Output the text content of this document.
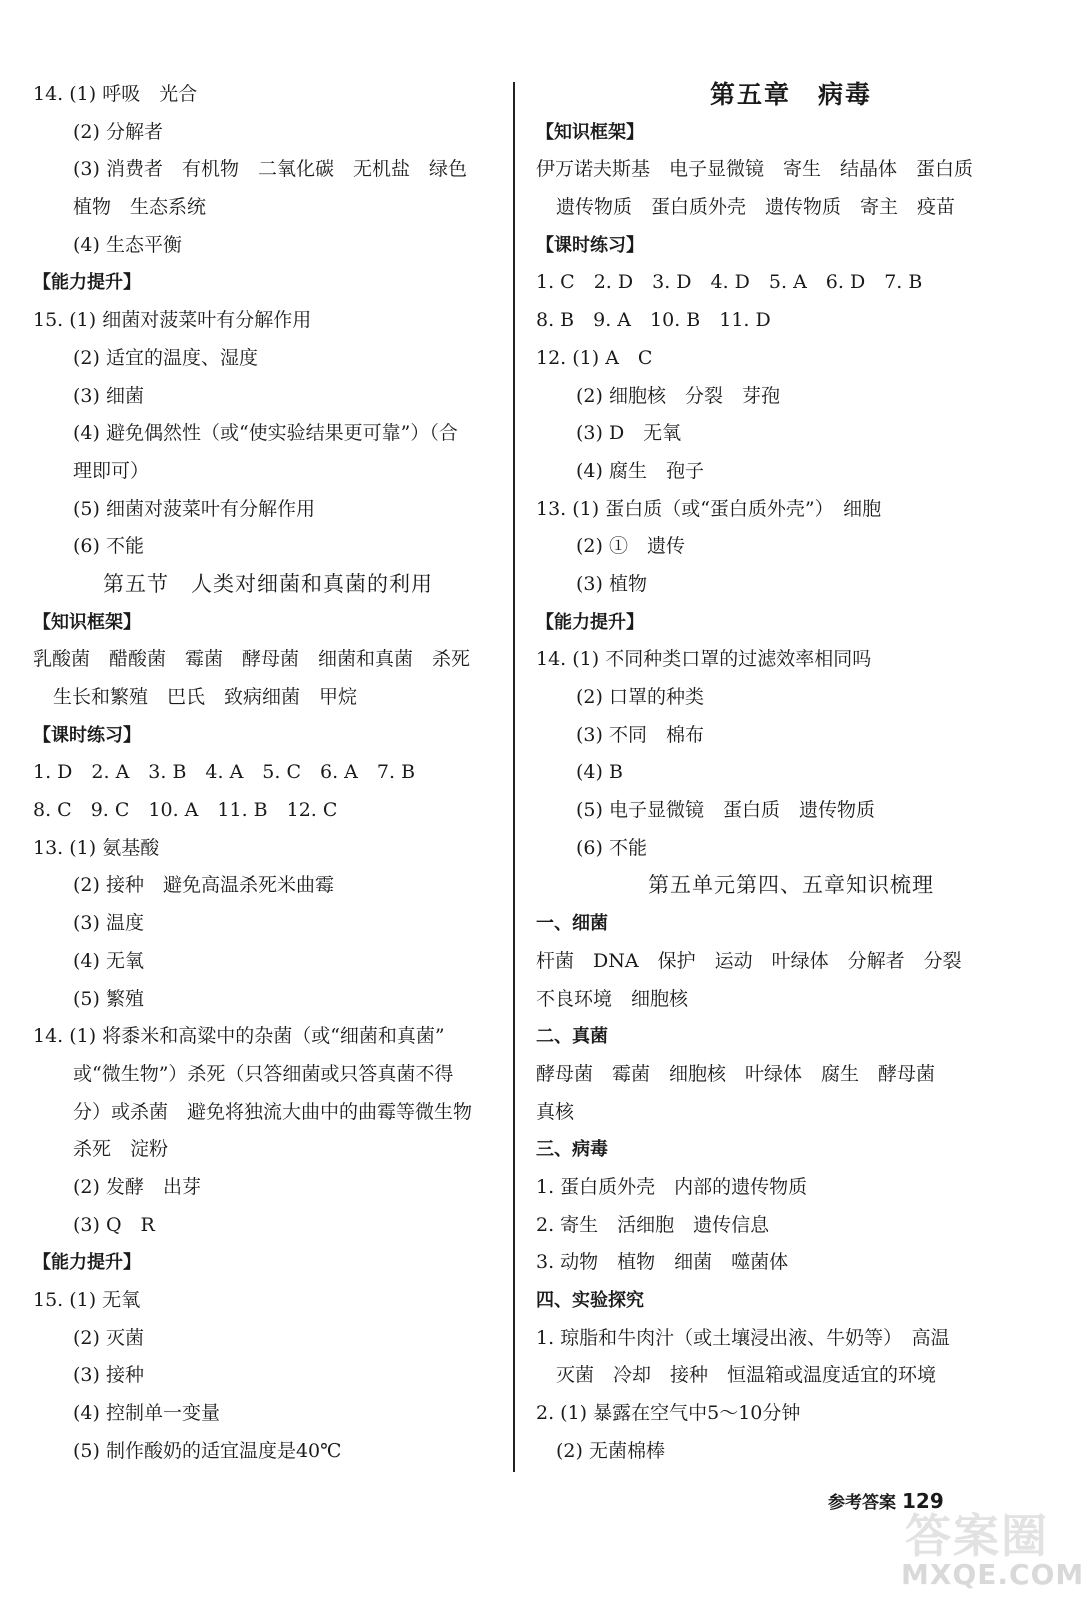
14. (1) 呼吸　光合
(2) 分解者
(3) 消费者　有机物　二氧化碳　无机盐　绿色
植物　生态系统
(4) 生态平衡
【能力提升】
15. (1) 细菌对菠菜叶有分解作用
(2) 适宜的温度、湿度
(3) 细菌
(4) 避免偶然性（或“使实验结果更可靠”）（合
理即可）
(5) 细菌对菠菜叶有分解作用
(6) 不能
第五节　人类对细菌和真菌的利用
【知识框架】
乳酸菌　醋酸菌　霉菌　酵母菌　细菌和真菌　杀死
生长和繁殖　巴氏　致病细菌　甲烷
【课时练习】
1. D　2. A　3. B　4. A　5. C　6. A　7. B
8. C　9. C　10. A　11. B　12. C
13. (1) 氨基酸
(2) 接种　避免高温杀死米曲霉
(3) 温度
(4) 无氧
(5) 繁殖
14. (1) 将黍米和高粱中的杂菌（或“细菌和真菌”
或“微生物”）杀死（只答细菌或只答真菌不得
分）或杀菌　避免将独流大曲中的曲霉等微生物
杀死　淀粉
(2) 发酵　出芽
(3) Q　R
【能力提升】
15. (1) 无氧
(2) 灭菌
(3) 接种
(4) 控制单一变量
(5) 制作酸奶的适宜温度是40℃
第五章　病毒
【知识框架】
伊万诺夫斯基　电子显微镜　寄生　结晶体　蛋白质
遗传物质　蛋白质外壳　遗传物质　寄主　疫苗
【课时练习】
1. C　2. D　3. D　4. D　5. A　6. D　7. B
8. B　9. A　10. B　11. D
12. (1) A　C
(2) 细胞核　分裂　芽孢
(3) D　无氧
(4) 腐生　孢子
13. (1) 蛋白质（或“蛋白质外壳”）　细胞
(2) ①　遗传
(3) 植物
【能力提升】
14. (1) 不同种类口罩的过滤效率相同吗
(2) 口罩的种类
(3) 不同　棉布
(4) B
(5) 电子显微镜　蛋白质　遗传物质
(6) 不能
第五单元第四、五章知识梳理
一、细菌
杆菌　DNA　保护　运动　叶绿体　分解者　分裂
不良环境　细胞核
二、真菌
酵母菌　霉菌　细胞核　叶绿体　腐生　酵母菌
真核
三、病毒
1. 蛋白质外壳　内部的遗传物质
2. 寄生　活细胞　遗传信息
3. 动物　植物　细菌　噬菌体
四、实验探究
1. 琼脂和牛肉汁（或土壤浸出液、牛奶等）　高温
灭菌　冷却　接种　恒温箱或温度适宜的环境
2. (1) 暴露在空气中5～10分钟
(2) 无菌棉棒
参考答案 129
答案圈
MXQE.COM
